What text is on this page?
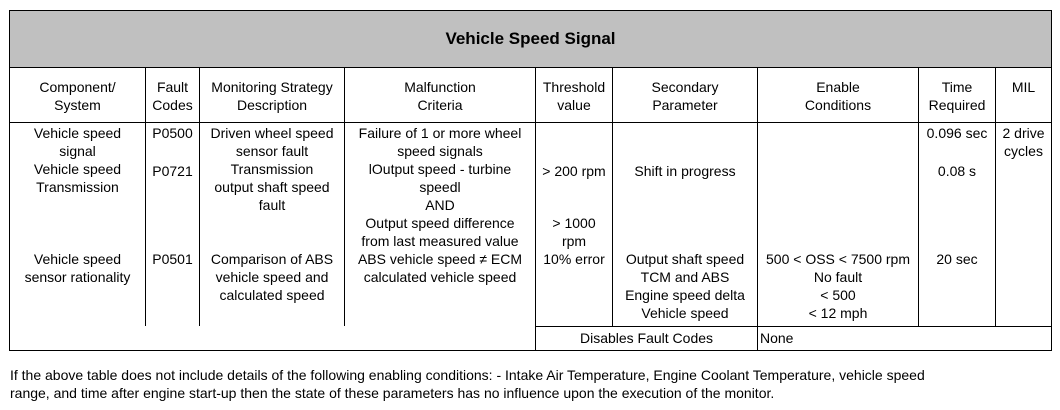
Vehicle Speed Signal
Component/
System
Fault
Codes
Monitoring Strategy
Description
Malfunction
Criteria
Threshold
value
Secondary
Parameter
Enable
Conditions
Time
Required
MIL
Vehicle speed
signal
Vehicle speed
Transmission
Vehicle speed
sensor rationality
P0500
P0721
P0501
Driven wheel speed
sensor fault
Transmission
output shaft speed
fault
Comparison of ABS
vehicle speed and
calculated speed
Failure of 1 or more wheel
speed signals
lOutput speed - turbine
speedl
AND
Output speed difference
from last measured value
ABS vehicle speed ≠ ECM
calculated vehicle speed
> 200 rpm
> 1000
rpm
10% error
Shift in progress
Output shaft speed
TCM and ABS
Engine speed delta
Vehicle speed
500 < OSS < 7500 rpm
No fault
< 500
< 12 mph
0.096 sec
0.08 s
20 sec
2 drive
cycles
Disables Fault Codes	None
If the above table does not include details of the following enabling conditions: - Intake Air Temperature, Engine Coolant Temperature, vehicle speed
range, and time after engine start-up then the state of these parameters has no influence upon the execution of the monitor.
